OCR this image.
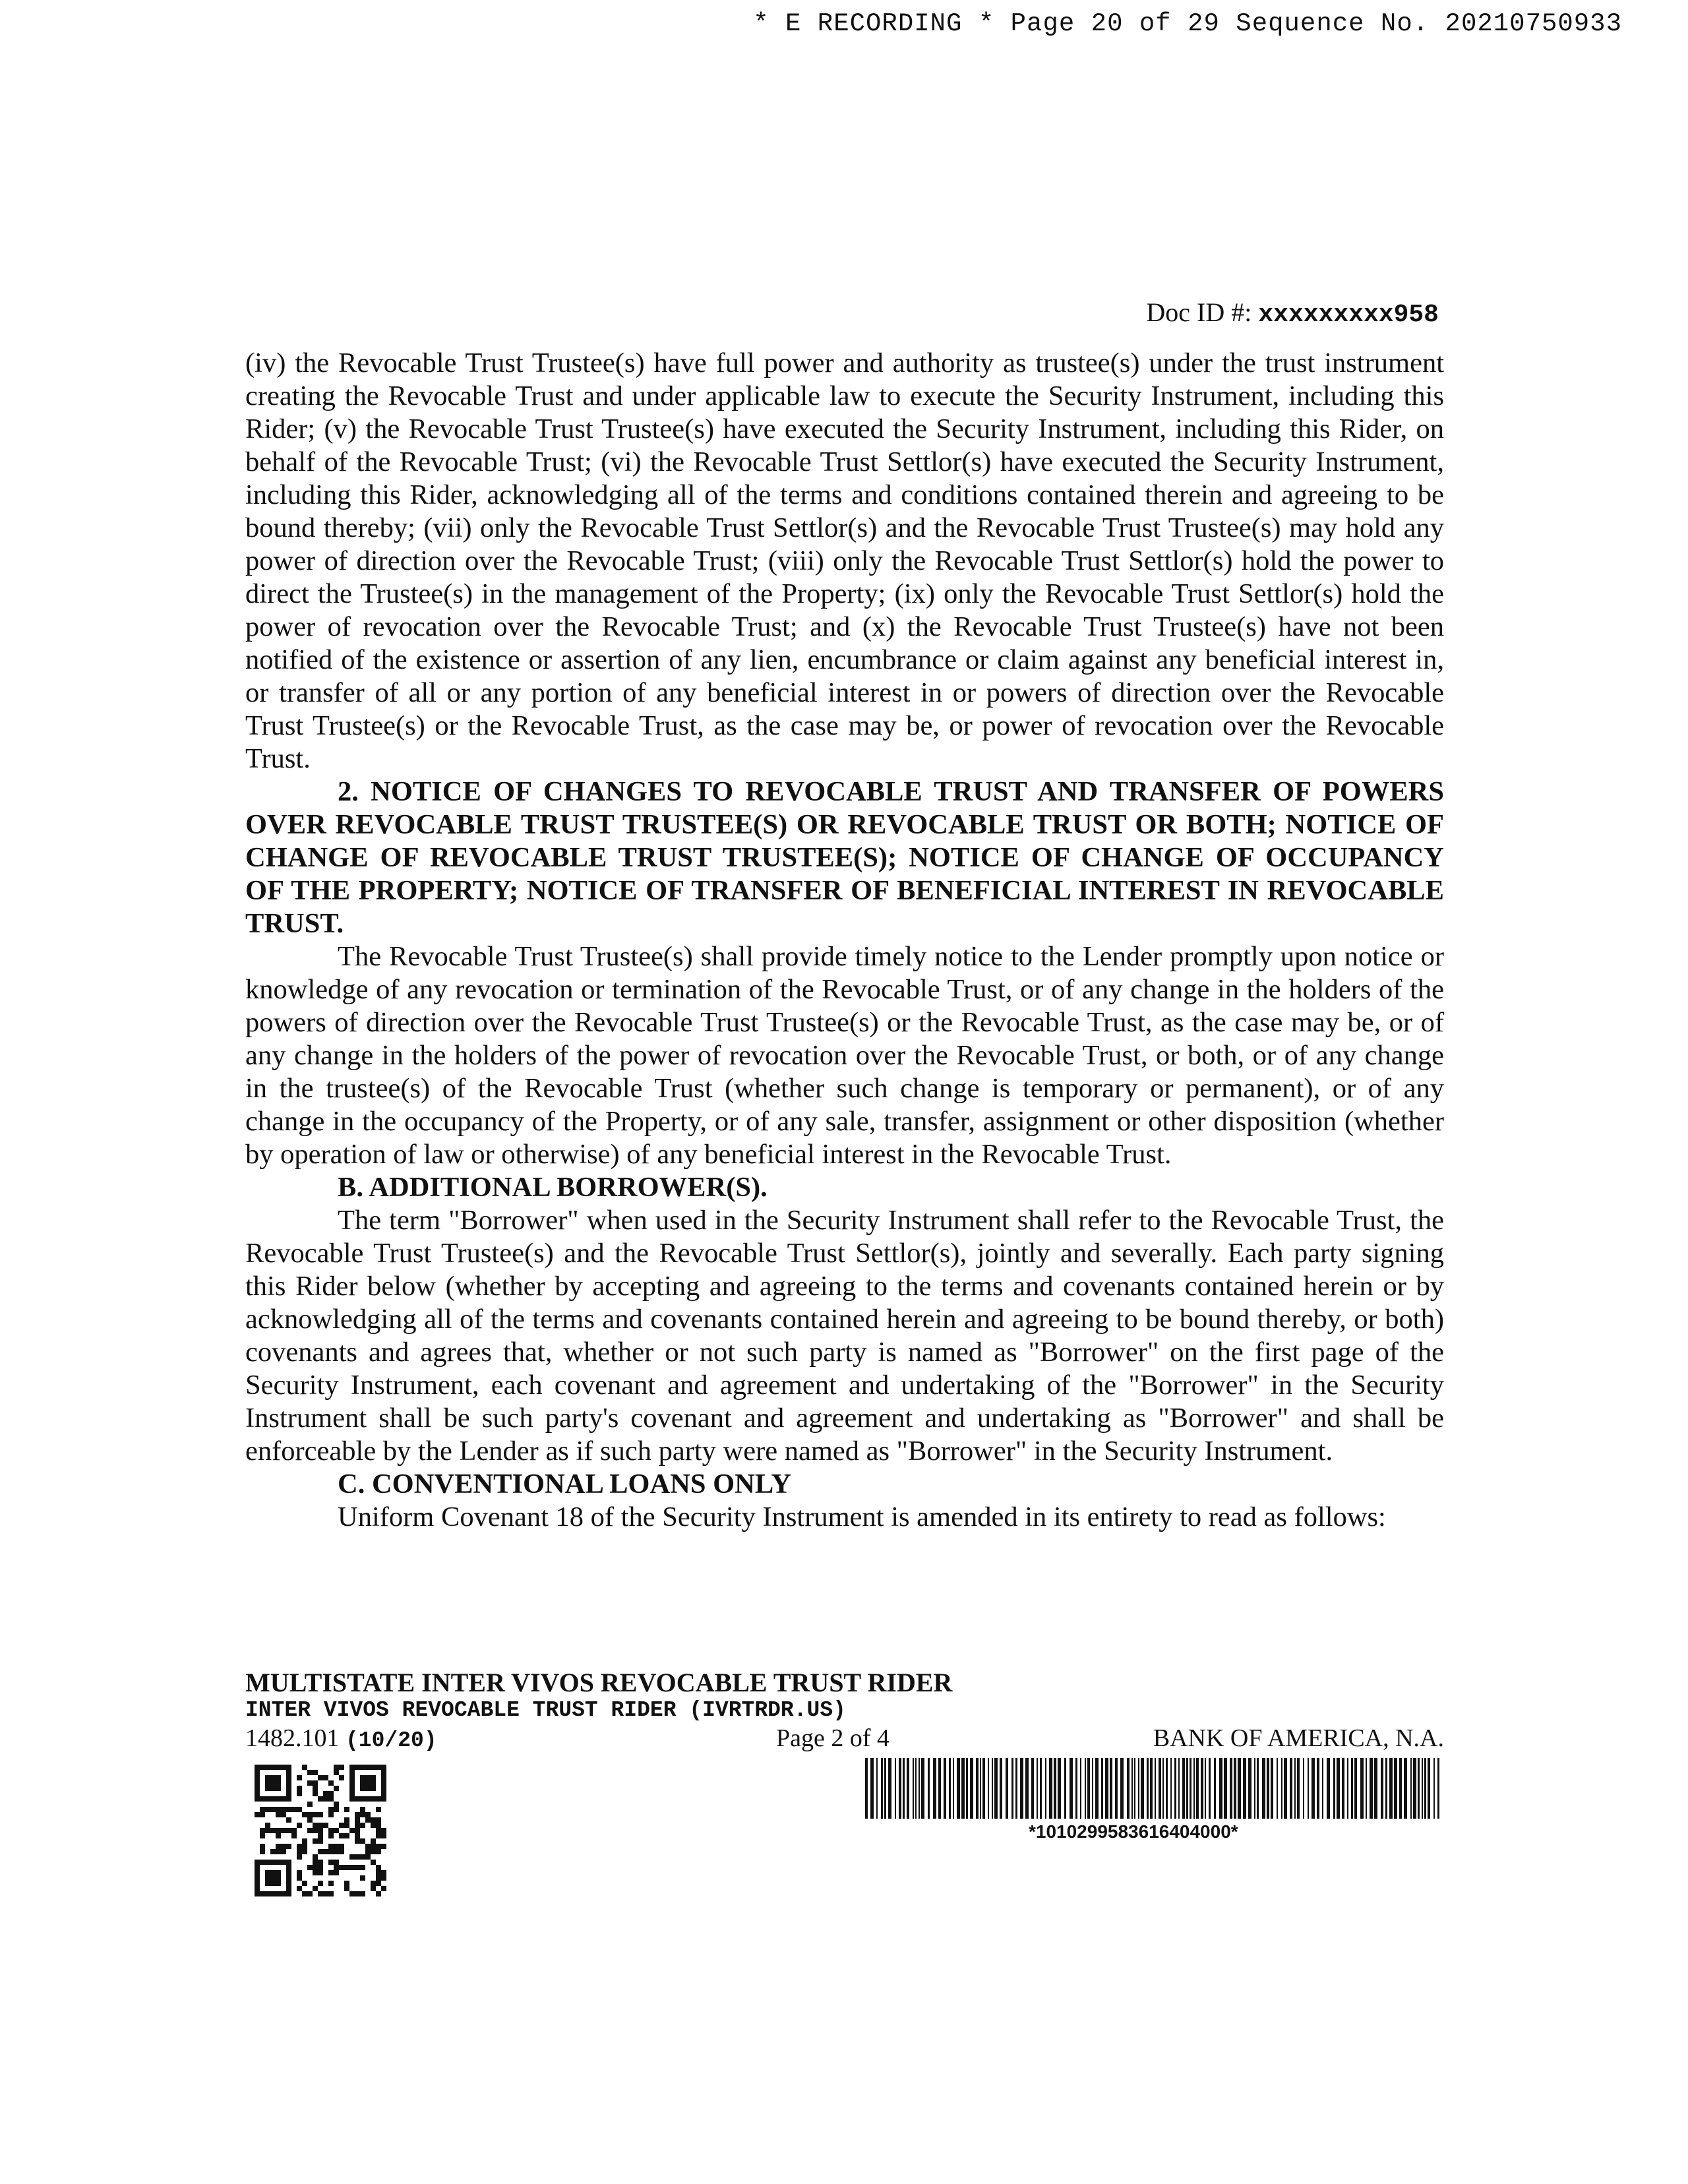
* E RECORDING * Page 20 of 29 Sequence No. 20210750933
Doc ID #: xxxxxxxxx958

(iv) the Revocable Trust Trustee(s) have full power and authority as trustee(s) under the trust instrument creating the Revocable Trust and under applicable law to execute the Security Instrument, including this Rider; (v) the Revocable Trust Trustee(s) have executed the Security Instrument, including this Rider, on behalf of the Revocable Trust; (vi) the Revocable Trust Settlor(s) have executed the Security Instrument, including this Rider, acknowledging all of the terms and conditions contained therein and agreeing to be bound thereby; (vii) only the Revocable Trust Settlor(s) and the Revocable Trust Trustee(s) may hold any power of direction over the Revocable Trust; (viii) only the Revocable Trust Settlor(s) hold the power to direct the Trustee(s) in the management of the Property; (ix) only the Revocable Trust Settlor(s) hold the power of revocation over the Revocable Trust; and (x) the Revocable Trust Trustee(s) have not been notified of the existence or assertion of any lien, encumbrance or claim against any beneficial interest in, or transfer of all or any portion of any beneficial interest in or powers of direction over the Revocable Trust Trustee(s) or the Revocable Trust, as the case may be, or power of revocation over the Revocable Trust.

2. NOTICE OF CHANGES TO REVOCABLE TRUST AND TRANSFER OF POWERS OVER REVOCABLE TRUST TRUSTEE(S) OR REVOCABLE TRUST OR BOTH; NOTICE OF CHANGE OF REVOCABLE TRUST TRUSTEE(S); NOTICE OF CHANGE OF OCCUPANCY OF THE PROPERTY; NOTICE OF TRANSFER OF BENEFICIAL INTEREST IN REVOCABLE TRUST.

The Revocable Trust Trustee(s) shall provide timely notice to the Lender promptly upon notice or knowledge of any revocation or termination of the Revocable Trust, or of any change in the holders of the powers of direction over the Revocable Trust Trustee(s) or the Revocable Trust, as the case may be, or of any change in the holders of the power of revocation over the Revocable Trust, or both, or of any change in the trustee(s) of the Revocable Trust (whether such change is temporary or permanent), or of any change in the occupancy of the Property, or of any sale, transfer, assignment or other disposition (whether by operation of law or otherwise) of any beneficial interest in the Revocable Trust.

B. ADDITIONAL BORROWER(S).

The term "Borrower" when used in the Security Instrument shall refer to the Revocable Trust, the Revocable Trust Trustee(s) and the Revocable Trust Settlor(s), jointly and severally. Each party signing this Rider below (whether by accepting and agreeing to the terms and covenants contained herein or by acknowledging all of the terms and covenants contained herein and agreeing to be bound thereby, or both) covenants and agrees that, whether or not such party is named as "Borrower" on the first page of the Security Instrument, each covenant and agreement and undertaking of the "Borrower" in the Security Instrument shall be such party's covenant and agreement and undertaking as "Borrower" and shall be enforceable by the Lender as if such party were named as "Borrower" in the Security Instrument.

C. CONVENTIONAL LOANS ONLY

Uniform Covenant 18 of the Security Instrument is amended in its entirety to read as follows:

MULTISTATE INTER VIVOS REVOCABLE TRUST RIDER
INTER VIVOS REVOCABLE TRUST RIDER (IVRTRDR.US)
1482.101 (10/20)	Page 2 of 4	BANK OF AMERICA, N.A.
*1010299583616404000*
